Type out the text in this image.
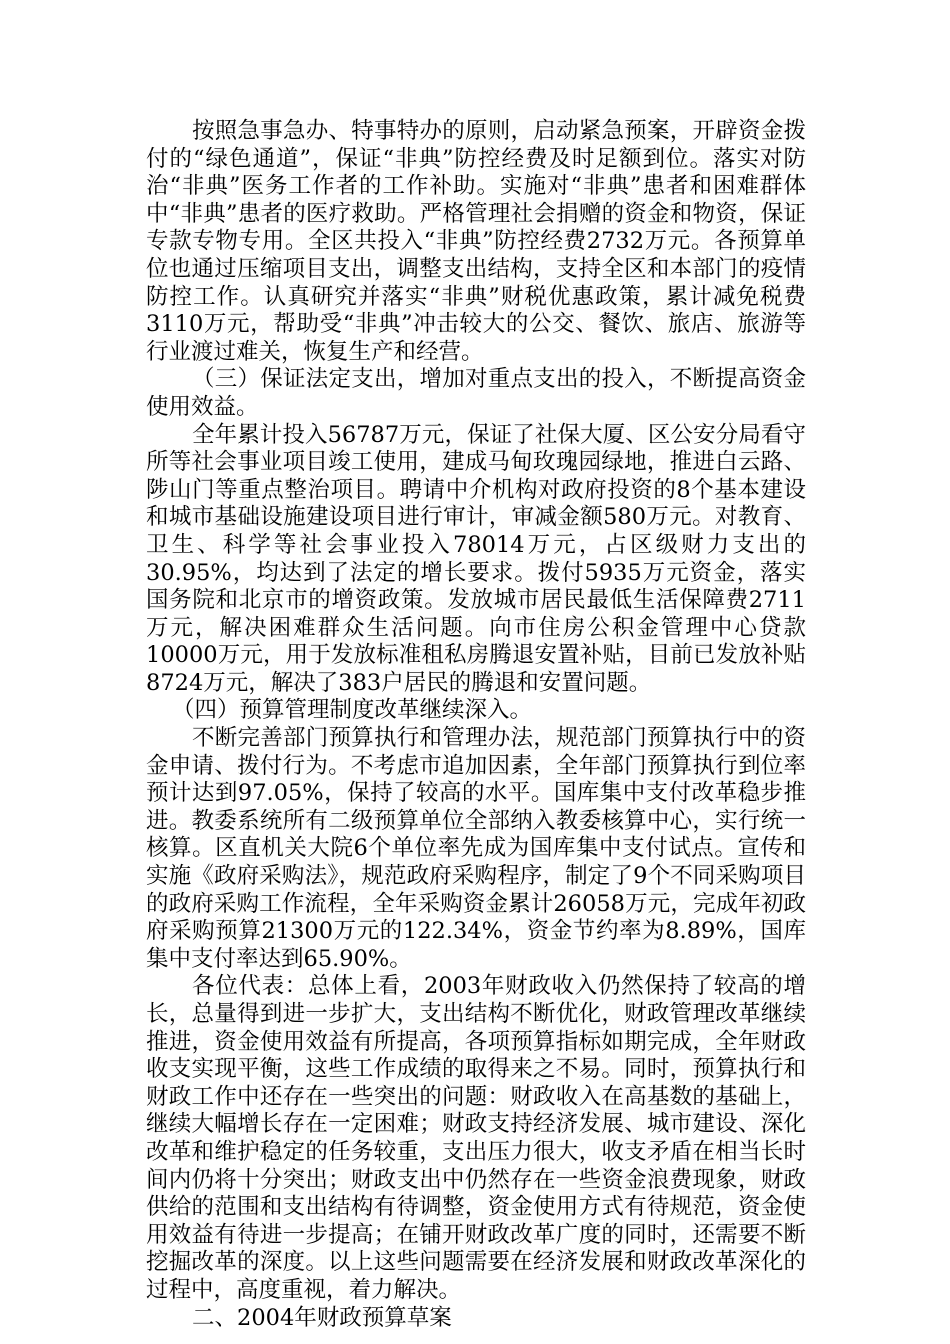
按照急事急办、特事特办的原则，启动紧急预案，开辟资金拨付的“绿色通道”，保证“非典”防控经费及时足额到位。落实对防治“非典”医务工作者的工作补助。实施对“非典”患者和困难群体中“非典”患者的医疗救助。严格管理社会捐赠的资金和物资，保证专款专物专用。全区共投入“非典”防控经费2732万元。各预算单位也通过压缩项目支出，调整支出结构，支持全区和本部门的疫情防控工作。认真研究并落实“非典”财税优惠政策，累计减免税费3110万元，帮助受“非典”冲击较大的公交、餐饮、旅店、旅游等行业渡过难关，恢复生产和经营。

（三）保证法定支出，增加对重点支出的投入，不断提高资金使用效益。

全年累计投入56787万元，保证了社保大厦、区公安分局看守所等社会事业项目竣工使用，建成马甸玫瑰园绿地，推进白云路、陟山门等重点整治项目。聘请中介机构对政府投资的8个基本建设和城市基础设施建设项目进行审计，审减金额580万元。对教育、卫生、科学等社会事业投入78014万元，占区级财力支出的30.95%，均达到了法定的增长要求。拨付5935万元资金，落实国务院和北京市的增资政策。发放城市居民最低生活保障费2711万元，解决困难群众生活问题。向市住房公积金管理中心贷款10000万元，用于发放标准租私房腾退安置补贴，目前已发放补贴8724万元，解决了383户居民的腾退和安置问题。

（四）预算管理制度改革继续深入。

不断完善部门预算执行和管理办法，规范部门预算执行中的资金申请、拨付行为。不考虑市追加因素，全年部门预算执行到位率预计达到97.05%，保持了较高的水平。国库集中支付改革稳步推进。教委系统所有二级预算单位全部纳入教委核算中心，实行统一核算。区直机关大院6个单位率先成为国库集中支付试点。宣传和实施《政府采购法》，规范政府采购程序，制定了9个不同采购项目的政府采购工作流程，全年采购资金累计26058万元，完成年初政府采购预算21300万元的122.34%，资金节约率为8.89%，国库集中支付率达到65.90%。

各位代表：总体上看，2003年财政收入仍然保持了较高的增长，总量得到进一步扩大，支出结构不断优化，财政管理改革继续推进，资金使用效益有所提高，各项预算指标如期完成，全年财政收支实现平衡，这些工作成绩的取得来之不易。同时，预算执行和财政工作中还存在一些突出的问题：财政收入在高基数的基础上，继续大幅增长存在一定困难；财政支持经济发展、城市建设、深化改革和维护稳定的任务较重，支出压力很大，收支矛盾在相当长时间内仍将十分突出；财政支出中仍然存在一些资金浪费现象，财政供给的范围和支出结构有待调整，资金使用方式有待规范，资金使用效益有待进一步提高；在铺开财政改革广度的同时，还需要不断挖掘改革的深度。以上这些问题需要在经济发展和财政改革深化的过程中，高度重视，着力解决。

二、2004年财政预算草案
